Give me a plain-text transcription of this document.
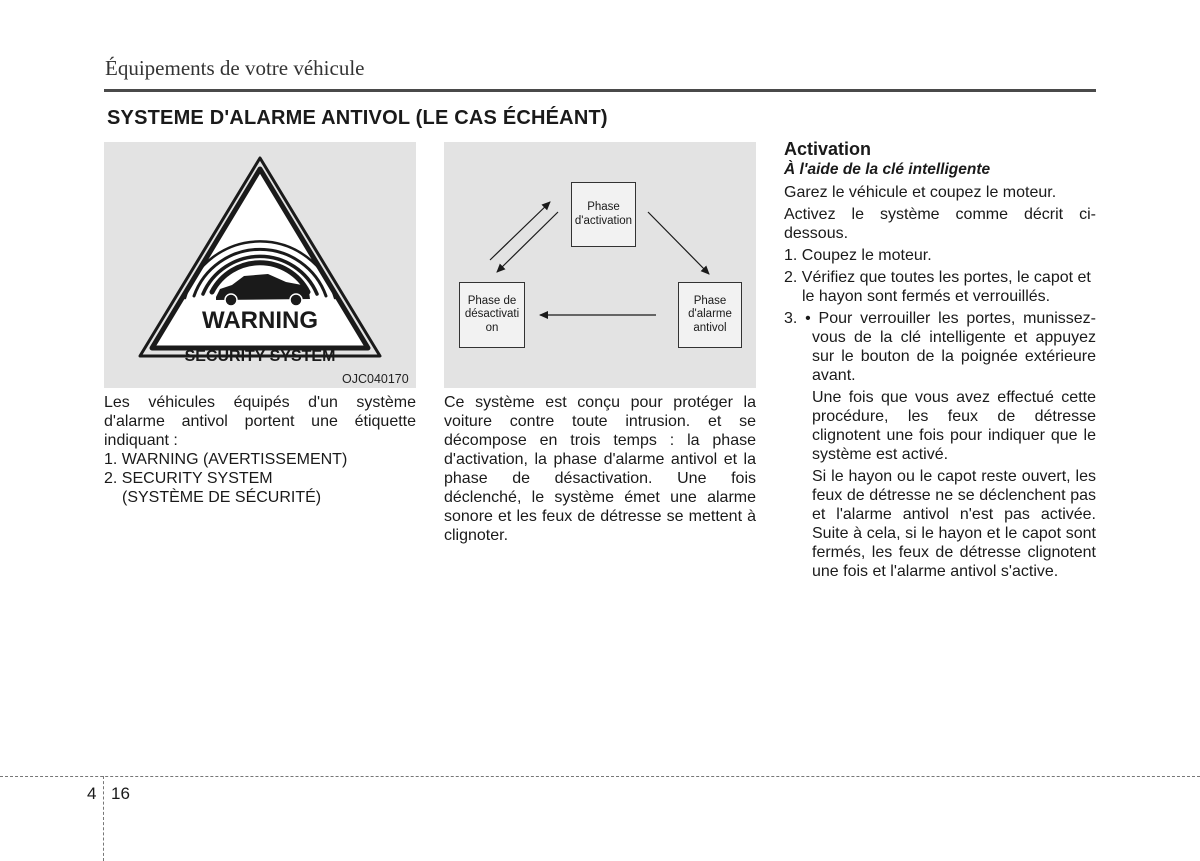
Équipements de votre véhicule
SYSTEME D'ALARME ANTIVOL (LE CAS ÉCHÉANT)
WARNING
SECURITY SYSTEM
OJC040170
Phase d'activation
Phase de désactivati on
Phase d'alarme antivol

Les véhicules équipés d'un système d'alarme antivol portent une étiquette indiquant :

1. WARNING (AVERTISSEMENT)

2. SECURITY SYSTEM

(SYSTÈME DE SÉCURITÉ)

Ce système est conçu pour protéger la voiture contre toute intrusion. et se décompose en trois temps : la phase d'activation, la phase d'alarme antivol et la phase de désactivation. Une fois déclenché, le système émet une alarme sonore et les feux de détresse se mettent à clignoter.

Activation

À l'aide de la clé intelligente

Garez le véhicule et coupez le moteur.

Activez le système comme décrit ci-dessous.

1. Coupez le moteur.

2. Vérifiez que toutes les portes, le capot et le hayon sont fermés et verrouillés.

3. • Pour verrouiller les portes, munissez-vous de la clé intelligente et appuyez sur le bouton de la poignée extérieure avant.

Une fois que vous avez effectué cette procédure, les feux de détresse clignotent une fois pour indiquer que le système est activé.

Si le hayon ou le capot reste ouvert, les feux de détresse ne se déclenchent pas et l'alarme antivol n'est pas activée. Suite à cela, si le hayon et le capot sont fermés, les feux de détresse clignotent une fois et l'alarme antivol s'active.

4 16
